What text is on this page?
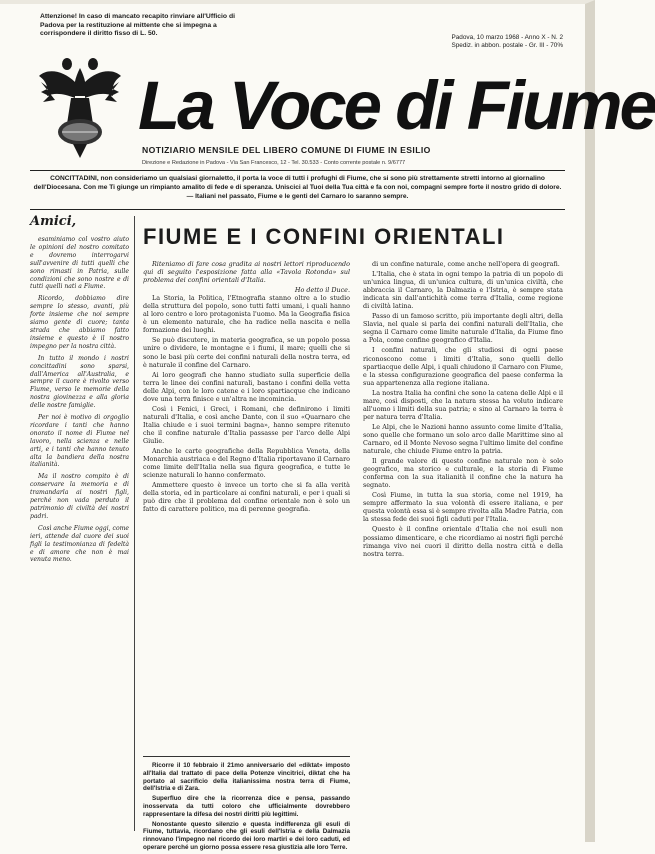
Attenzione! In caso di mancato recapito rinviare all'Ufficio di Padova per la restituzione al mittente che si impegna a corrispondere il diritto fisso di L. 50.
Padova, 10 marzo 1968 - Anno X - N. 2
Spediz. in abbon. postale - Gr. III - 70%
La Voce di Fiume
NOTIZIARIO MENSILE DEL LIBERO COMUNE DI FIUME IN ESILIO
Direzione e Redazione in Padova - Via San Francesco, 12 - Tel. 30.533 - Conto corrente postale n. 9/6777
CONCITTADINI, non consideriamo un qualsiasi giornaletto, il porta la voce di tutti i profughi di Fiume, che si sono più strettamente stretti intorno al giornalino dell'Diocesana. Con me Ti giunge un rimpianto amalito di fede e di speranza. Uniscici al Tuoi della Tua città e fa con noi, compagni sempre forte il nostro grido di dolore. — Italiani nel passato, Fiume e le genti del Carnaro lo saranno sempre.
Amici,

esaminiamo col vostro aiuto le opinioni del nostro comitato e dovremo interrogarvi sull'avvenire di tutti quelli che sono rimasti in Patria, sulle condizioni che sono nostre e di tutti quelli nati a Fiume.

Ricordo, dobbiamo dire sempre lo stesso, avanti, più forte insieme che noi sempre siamo gente di cuore; tanta strada che abbiamo fatto insieme e questo è il nostro impegno per la nostra città.

In tutto il mondo i nostri concittadini sono sparsi, dall'America all'Australia, e sempre il cuore è rivolto verso Fiume, verso le memorie della nostra giovinezza e alla gloria delle nostre famiglie.

Per noi è motivo di orgoglio ricordare i tanti che hanno onorato il nome di Fiume nel lavoro, nella scienza e nelle arti, e i tanti che hanno tenuto alta la bandiera della nostra italianità.

Ma il nostro compito è di conservare la memoria e di tramandarla ai nostri figli, perché non vada perduto il patrimonio di civiltà dei nostri padri.

Così anche Fiume oggi, come ieri, attende dal cuore dei suoi figli la testimonianza di fedeltà e di amore che non è mai venuta meno.

FIUME E I CONFINI ORIENTALI

Riteniamo di fare cosa gradita ai nostri lettori riproducendo qui di seguito l'esposizione fatta alla «Tavola Rotonda» sul problema dei confini orientali d'Italia.

Ho detto il Duce.

La Storia, la Politica, l'Etnografia stanno oltre a lo studio della struttura del popolo, sono tutti fatti umani, i quali hanno al loro centro e loro protagonista l'uomo. Ma la Geografia fisica è un elemento naturale, che ha radice nella nascita e nella formazione dei luoghi.

Se può discutere, in materia geografica, se un popolo possa unire o dividere, le montagne e i fiumi, il mare; quelli che si sono le basi più certe dei confini naturali della nostra terra, ed è naturale il confine del Carnaro.

Ai loro geografi che hanno studiato sulla superficie della terra le linee dei confini naturali, bastano i confini della vetta delle Alpi, con le loro catene e i loro spartiacque che indicano dove una terra finisce e un'altra ne incomincia.

Così i Fenici, i Greci, i Romani, che definirono i limiti naturali d'Italia, e così anche Dante, con il suo «Quarnaro che Italia chiude e i suoi termini bagna», hanno sempre ritenuto che il confine naturale d'Italia passasse per l'arco delle Alpi Giulie.

Anche le carte geografiche della Repubblica Veneta, della Monarchia austriaca e del Regno d'Italia riportavano il Carnaro come limite dell'Italia nella sua figura geografica, e tutte le scienze naturali lo hanno confermato.

Ammettere questo è invece un torto che si fa alla verità della storia, ed in particolare ai confini naturali, e per i quali si può dire che il problema del confine orientale non è solo un fatto di carattere politico, ma di perenne geografia.

Ricorre il 10 febbraio il 21mo anniversario del «diktat» imposto all'Italia dal trattato di pace della Potenze vincitrici, diktat che ha portato al sacrificio della italianissima nostra terra di Fiume, dell'Istria e di Zara.

Superfluo dire che la ricorrenza dice e pensa, passando inosservata da tutti coloro che ufficialmente dovrebbero rappresentare la difesa dei nostri diritti più legittimi.

Nonostante questo silenzio e questa indifferenza gli esuli di Fiume, tuttavia, ricordano che gli esuli dell'Istria e della Dalmazia rinnovano l'impegno nel ricordo dei loro martiri e dei loro caduti, ed operare perché un giorno possa essere resa giustizia alle loro Terre.

di un confine naturale, come anche nell'opera di geografi.

L'Italia, che è stata in ogni tempo la patria di un popolo di un'unica lingua, di un'unica cultura, di un'unica civiltà, che abbraccia il Carnaro, la Dalmazia e l'Istria, è sempre stata indicata sin dall'antichità come terra d'Italia, come regione di civiltà latina.

Passo di un famoso scritto, più importante degli altri, della Slavia, nel quale si parla dei confini naturali dell'Italia, che segna il Carnaro come limite naturale d'Italia, da Fiume fino a Pola, come confine geografico d'Italia.

I confini naturali, che gli studiosi di ogni paese riconoscono come i limiti d'Italia, sono quelli dello spartiacque delle Alpi, i quali chiudono il Carnaro con Fiume, e la stessa configurazione geografica del paese conferma la sua appartenenza alla regione italiana.

La nostra Italia ha confini che sono la catena delle Alpi e il mare, così disposti, che la natura stessa ha voluto indicare all'uomo i limiti della sua patria; e sino al Carnaro la terra è per natura terra d'Italia.

Le Alpi, che le Nazioni hanno assunto come limite d'Italia, sono quelle che formano un solo arco dalle Marittime sino al Carnaro, ed il Monte Nevoso segna l'ultimo limite del confine naturale, che chiude Fiume entro la patria.

Il grande valore di questo confine naturale non è solo geografico, ma storico e culturale, e la storia di Fiume conferma con la sua italianità il confine che la natura ha segnato.

Così Fiume, in tutta la sua storia, come nel 1919, ha sempre affermato la sua volontà di essere italiana, e per questa volontà essa si è sempre rivolta alla Madre Patria, con la stessa fede dei suoi figli caduti per l'Italia.

Questo è il confine orientale d'Italia che noi esuli non possiamo dimenticare, e che ricordiamo ai nostri figli perché rimanga vivo nei cuori il diritto della nostra città e della nostra terra.
